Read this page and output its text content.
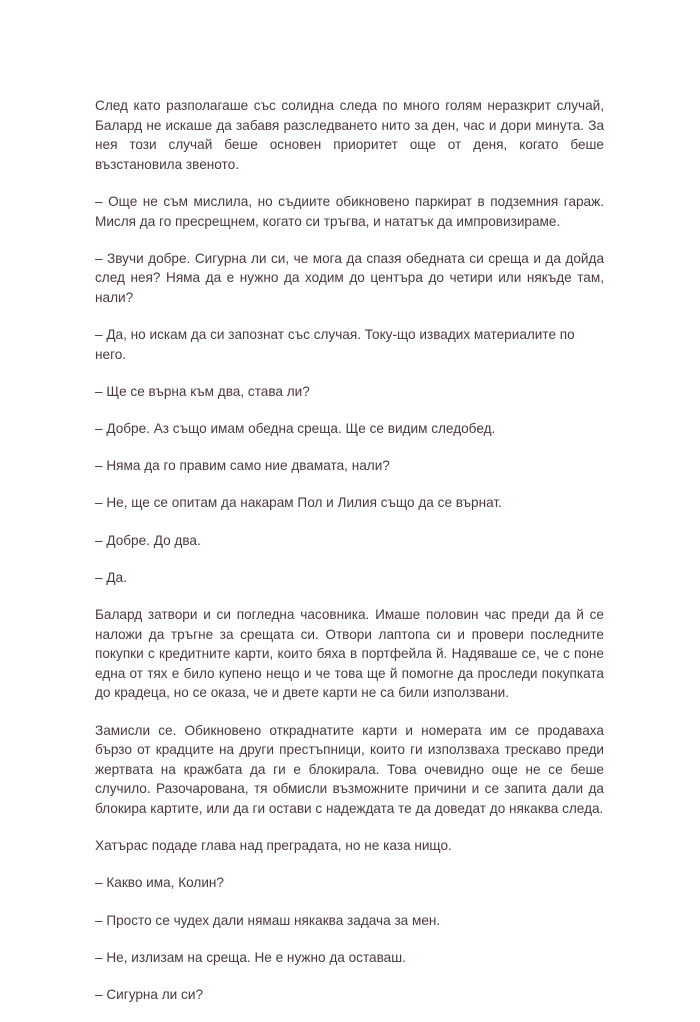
След като разполагаше със солидна следа по много голям неразкрит случай, Балард не искаше да забавя разследването нито за ден, час и дори минута. За нея този случай беше основен приоритет още от деня, когато беше възстановила звеното.

– Още не съм мислила, но съдиите обикновено паркират в подземния гараж. Мисля да го пресрещнем, когато си тръгва, и нататък да импровизираме.

– Звучи добре. Сигурна ли си, че мога да спазя обедната си среща и да дойда след нея? Няма да е нужно да ходим до центъра до четири или някъде там, нали?

– Да, но искам да си запознат със случая. Току-що извадих материалите по него.

– Ще се върна към два, става ли?

– Добре. Аз също имам обедна среща. Ще се видим следобед.

– Няма да го правим само ние двамата, нали?

– Не, ще се опитам да накарам Пол и Лилия също да се върнат.

– Добре. До два.

– Да.

Балард затвори и си погледна часовника. Имаше половин час преди да й се наложи да тръгне за срещата си. Отвори лаптопа си и провери последните покупки с кредитните карти, които бяха в портфейла й. Надяваше се, че с поне една от тях е било купено нещо и че това ще й помогне да проследи покупката до крадеца, но се оказа, че и двете карти не са били използвани.

Замисли се. Обикновено откраднатите карти и номерата им се продаваха бързо от крадците на други престъпници, които ги използваха трескаво преди жертвата на кражбата да ги е блокирала. Това очевидно още не се беше случило. Разочарована, тя обмисли възможните причини и се запита дали да блокира картите, или да ги остави с надеждата те да доведат до някаква следа.

Хатърас подаде глава над преградата, но не каза нищо.

– Какво има, Колин?

– Просто се чудех дали нямаш някаква задача за мен.

– Не, излизам на среща. Не е нужно да оставаш.

– Сигурна ли си?
